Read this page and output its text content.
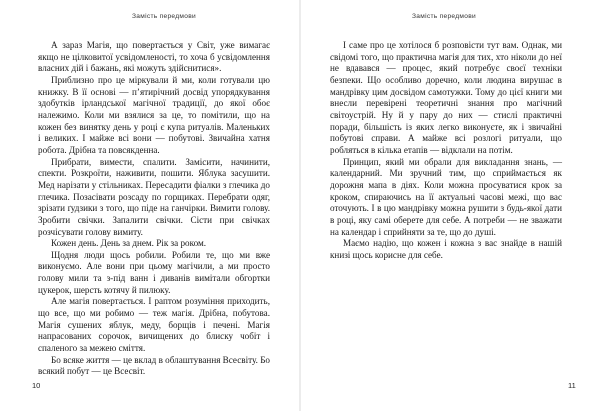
Замість передмови

А зараз Магія, що повертається у Світ, уже вимагає якщо не цілковитої усвідомленості, то хоча б усвідомлення власних дій і бажань, які можуть здійснитися».

Приблизно про це міркували й ми, коли готували цю книжку. В її основі — п’ятирічний досвід упорядкування здобутків ірландської магічної традиції, до якої обоє належимо. Коли ми взялися за це, то помітили, що на кожен без винятку день у році є купа ритуалів. Маленьких і великих. І майже всі вони — побутові. Звичайна хатня робота. Дрібна та повсякденна.

Прибрати, вимести, спалити. Замісити, начинити, спекти. Розкроїти, наживити, пошити. Яблука засушити. Мед нарізати у стільниках. Пересадити фіалки з глечика до глечика. Позасівати розсаду по горщиках. Перебрати одяг, зрізати ґудзики з того, що піде на ганчірки. Вимити голову. Зробити свічки. Запалити свічки. Сісти при свічках розчісувати голову вимиту.

Кожен день. День за днем. Рік за роком.

Щодня люди щось робили. Робили те, що ми вже виконуємо. Але вони при цьому магічили, а ми просто голову мили та з-під ванн і диванів вимітали обгортки цукерок, шерсть котячу й пилюку.

Але магія повертається. І раптом розуміння приходить, що все, що ми робимо — теж магія. Дрібна, побутова. Магія сушених яблук, меду, борщів і печені. Магія напрасованих сорочок, вичищених до блиску чобіт і спаленого за межею сміття.

Бо всяке життя — це вклад в облаштування Всесвіту. Бо всякий побут — це Всесвіт.

10

Замість передмови

І саме про це хотілося б розповісти тут вам. Однак, ми свідомі того, що практична магія для тих, хто ніколи до неї не вдавався — процес, який потребує своєї техніки безпеки. Що особливо доречно, коли людина вирушає в мандрівку цим досвідом самотужки. Тому до цієї книги ми внесли перевірені теоретичні знання про магічний світоустрій. Ну й у пару до них — стислі практичні поради, більшість із яких легко виконуєте, як і звичайні побутові справи. А майже всі розлогі ритуали, що робляться в кілька етапів — відклали на потім.

Принцип, який ми обрали для викладання знань, — календарний. Ми зручний тим, що сприймається як дорожня мапа в діях. Коли можна просуватися крок за кроком, спираючись на її актуальні часові межі, що вас оточують. І в цю мандрівку можна рушити з будь-якої дати в році, яку самі оберете для себе. А потреби — не зважати на календар і сприйняти за те, що до душі.

Маємо надію, що кожен і кожна з вас знайде в нашій книзі щось корисне для себе.

11
